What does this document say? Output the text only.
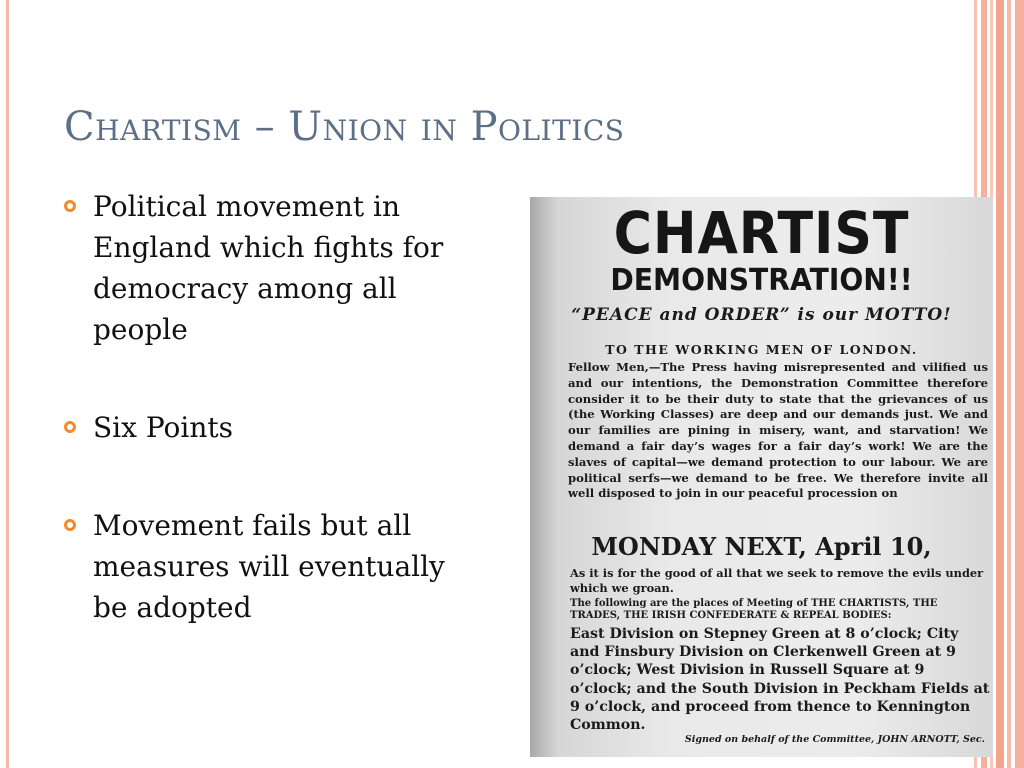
Chartism – Union in Politics
Political movement in England which fights for democracy among all people
Six Points
Movement fails but all measures will eventually be adopted
CHARTIST
DEMONSTRATION!!
“PEACE and ORDER” is our MOTTO!
TO THE WORKING MEN OF LONDON.
Fellow Men,—The Press having misrepresented and vilified us and our intentions, the Demonstration Committee therefore consider it to be their duty to state that the grievances of us (the Working Classes) are deep and our demands just. We and our families are pining in misery, want, and starvation! We demand a fair day’s wages for a fair day’s work! We are the slaves of capital—we demand protection to our labour. We are political serfs—we demand to be free. We therefore invite all well disposed to join in our peaceful procession on
MONDAY NEXT, April 10,
As it is for the good of all that we seek to remove the evils under which we groan.
The following are the places of Meeting of THE CHARTISTS, THE TRADES, THE IRISH CONFEDERATE & REPEAL BODIES:
East Division on Stepney Green at 8 o’clock; City and Finsbury Division on Clerkenwell Green at 9 o’clock; West Division in Russell Square at 9 o’clock; and the South Division in Peckham Fields at 9 o’clock, and proceed from thence to Kennington Common.
Signed on behalf of the Committee, JOHN ARNOTT, Sec.
